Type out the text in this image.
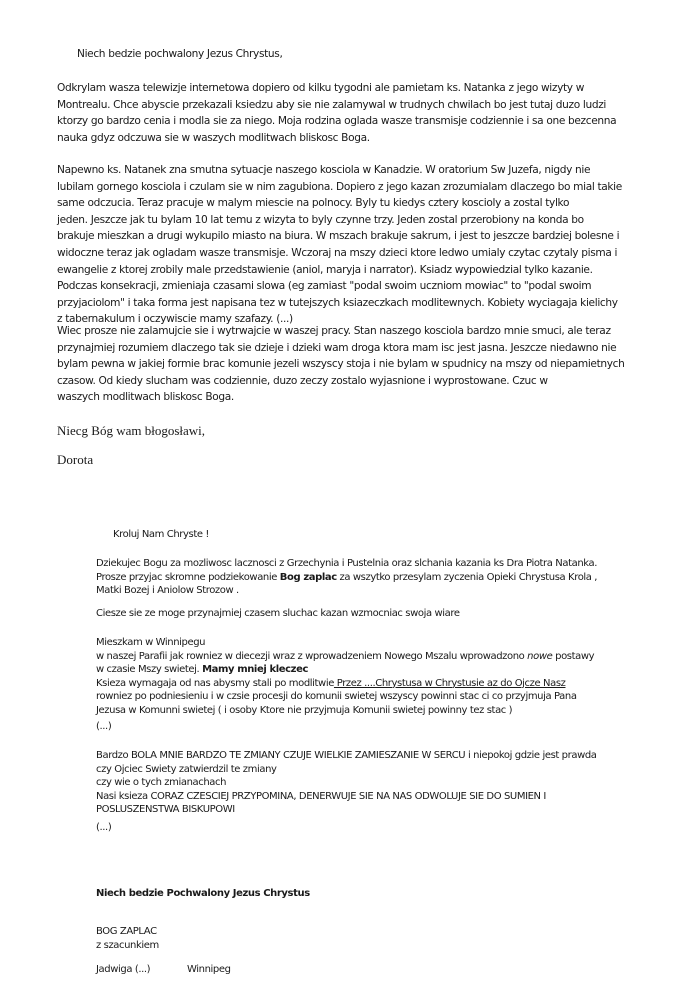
Niech bedzie pochwalony Jezus Chrystus,
Odkrylam wasza telewizje internetowa dopiero od kilku tygodni ale pamietam ks. Natanka z jego wizyty w
Montrealu. Chce abyscie przekazali ksiedzu aby sie nie zalamywal w trudnych chwilach bo jest tutaj duzo ludzi
ktorzy go bardzo cenia i modla sie za niego. Moja rodzina oglada wasze transmisje codziennie i sa one bezcenna
nauka gdyz odczuwa sie w waszych modlitwach bliskosc Boga.
Napewno ks. Natanek zna smutna sytuacje naszego kosciola w Kanadzie. W oratorium Sw Juzefa, nigdy nie
lubilam gornego kosciola i czulam sie w nim zagubiona. Dopiero z jego kazan zrozumialam dlaczego bo mial takie
same odczucia. Teraz pracuje w malym miescie na polnocy. Byly tu kiedys cztery koscioly a zostal tylko
jeden. Jeszcze jak tu bylam 10 lat temu z wizyta to byly czynne trzy. Jeden zostal przerobiony na konda bo
brakuje mieszkan a drugi wykupilo miasto na biura. W mszach brakuje sakrum, i jest to jeszcze bardziej bolesne i
widoczne teraz jak ogladam wasze transmisje. Wczoraj na mszy dzieci ktore ledwo umialy czytac czytaly pisma i
ewangelie z ktorej zrobily male przedstawienie (aniol, maryja i narrator). Ksiadz wypowiedzial tylko kazanie.
Podczas konsekracji, zmieniaja czasami slowa (eg zamiast "podal swoim uczniom mowiac" to "podal swoim
przyjaciolom" i taka forma jest napisana tez w tutejszych ksiazeczkach modlitewnych. Kobiety wyciagaja kielichy
z tabernakulum i oczywiscie mamy szafazy. (...)
Wiec prosze nie zalamujcie sie i wytrwajcie w waszej pracy. Stan naszego kosciola bardzo mnie smuci, ale teraz
przynajmiej rozumiem dlaczego tak sie dzieje i dzieki wam droga ktora mam isc jest jasna. Jeszcze niedawno nie
bylam pewna w jakiej formie brac komunie jezeli wszyscy stoja i nie bylam w spudnicy na mszy od niepamietnych
czasow. Od kiedy slucham was codziennie, duzo zeczy zostalo wyjasnione i wyprostowane. Czuc w
waszych modlitwach bliskosc Boga.
Niecg Bóg wam błogosławi,
Dorota
Kroluj Nam Chryste !
Dziekujec Bogu za mozliwosc lacznosci z Grzechynia i Pustelnia oraz slchania kazania ks Dra Piotra Natanka.
Prosze przyjac skromne podziekowanie Bog zaplac za wszytko przesylam zyczenia Opieki Chrystusa Krola ,
Matki Bozej i Aniolow Strozow .
Ciesze sie ze moge przynajmiej czasem sluchac kazan wzmocniac swoja wiare
Mieszkam w Winnipegu
w naszej Parafii jak rowniez w diecezji wraz z wprowadzeniem Nowego Mszalu wprowadzono nowe postawy
w czasie Mszy swietej. Mamy mniej kleczec
Ksieza wymagaja od nas abysmy stali po modlitwie Przez ....Chrystusa w Chrystusie az do Ojcze Nasz
rowniez po podniesieniu i w czsie procesji do komunii swietej wszyscy powinni stac ci co przyjmuja Pana
Jezusa w Komunni swietej ( i osoby Ktore nie przyjmuja Komunii swietej powinny tez stac )
(...)
Bardzo BOLA MNIE BARDZO TE ZMIANY CZUJE WIELKIE ZAMIESZANIE W SERCU i niepokoj gdzie jest prawda
czy Ojciec Swiety zatwierdzil te zmiany
czy wie o tych zmianachach
Nasi ksieza CORAZ CZESCIEJ PRZYPOMINA, DENERWUJE SIE NA NAS ODWOLUJE SIE DO SUMIEN I
POSLUSZENSTWA BISKUPOWI
(...)
Niech bedzie Pochwalony Jezus Chrystus
BOG ZAPLAC
z szacunkiem
Jadwiga (...)	Winnipeg
